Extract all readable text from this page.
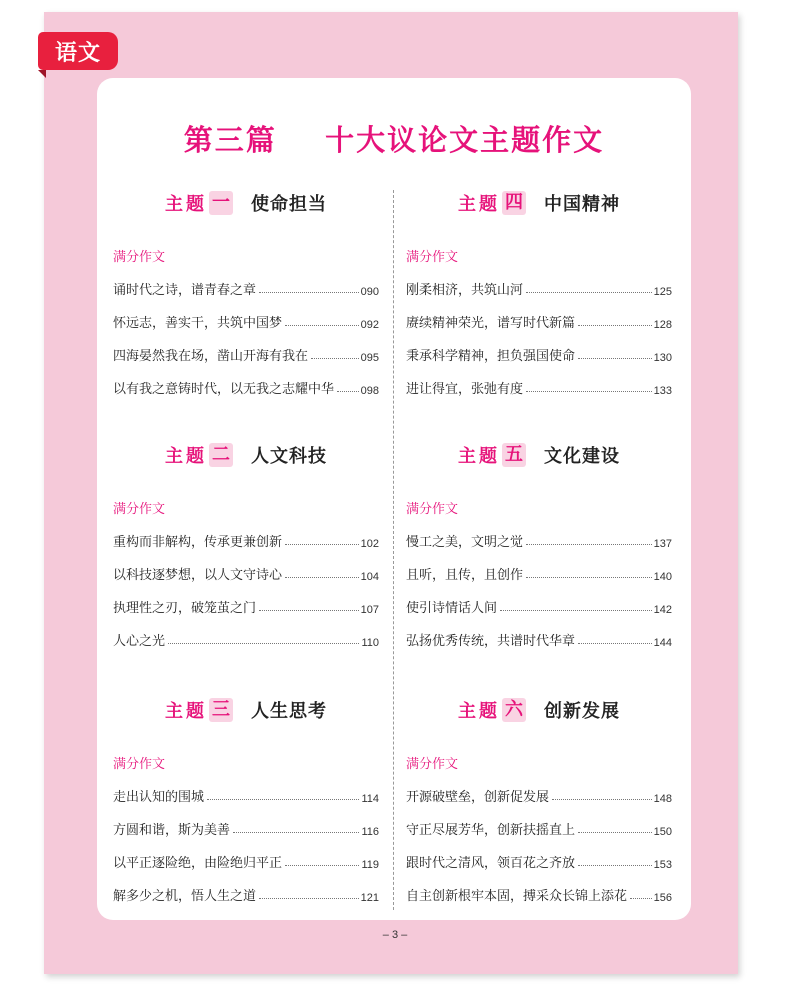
语文
第三篇    十大议论文主题作文
主题 一 使命担当
满分作文
诵时代之诗，谱青春之章	090
怀远志，善实干，共筑中国梦	092
四海晏然我在场，凿山开海有我在	095
以有我之意铸时代，以无我之志耀中华 098
主题 二 人文科技
满分作文
重构而非解构，传承更兼创新	102
以科技逐梦想，以人文守诗心	104
执理性之刃，破笼茧之门	107
人心之光	110
主题 三 人生思考
满分作文
走出认知的围城	114
方圆和谐，斯为美善	116
以平正逐险绝，由险绝归平正	119
解多少之机，悟人生之道	121
主题 四 中国精神
满分作文
刚柔相济，共筑山河	125
赓续精神荣光，谱写时代新篇	128
秉承科学精神，担负强国使命	130
进让得宜，张弛有度	133
主题 五 文化建设
满分作文
慢工之美，文明之觉	137
且听，且传，且创作	140
使引诗情话人间	142
弘扬优秀传统，共谱时代华章	144
主题 六 创新发展
满分作文
开源破壁垒，创新促发展	148
守正尽展芳华，创新扶摇直上	150
跟时代之清风，领百花之齐放	153
自主创新根牢本固，搏采众长锦上添花 156
– 3 –
